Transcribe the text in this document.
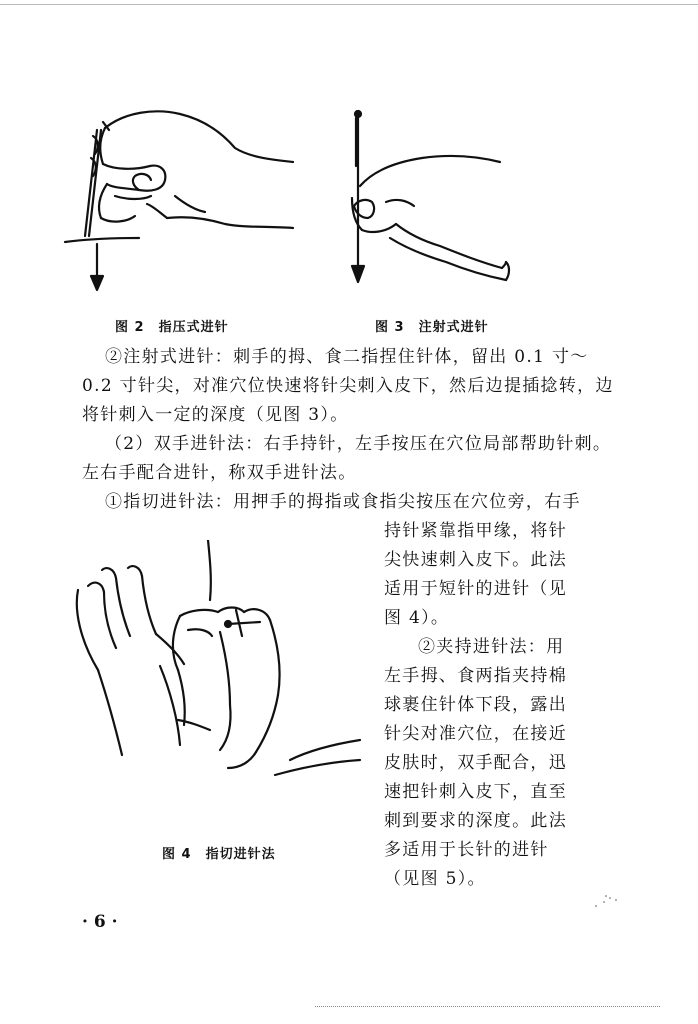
图 2　指压式进针	图 3　注射式进针
②注射式进针：刺手的拇、食二指捏住针体，留出 0.1 寸～
0.2 寸针尖，对准穴位快速将针尖刺入皮下，然后边提插捻转，边
将针刺入一定的深度（见图 3）。
（2）双手进针法：右手持针，左手按压在穴位局部帮助针刺。
左右手配合进针，称双手进针法。
①指切进针法：用押手的拇指或食指尖按压在穴位旁，右手
持针紧靠指甲缘，将针
尖快速刺入皮下。此法
适用于短针的进针（见
图 4）。
②夹持进针法：用
左手拇、食两指夹持棉
球裹住针体下段，露出
针尖对准穴位，在接近
皮肤时，双手配合，迅
速把针刺入皮下，直至
刺到要求的深度。此法
多适用于长针的进针
（见图 5）。
图 4　指切进针法
· 6 ·
